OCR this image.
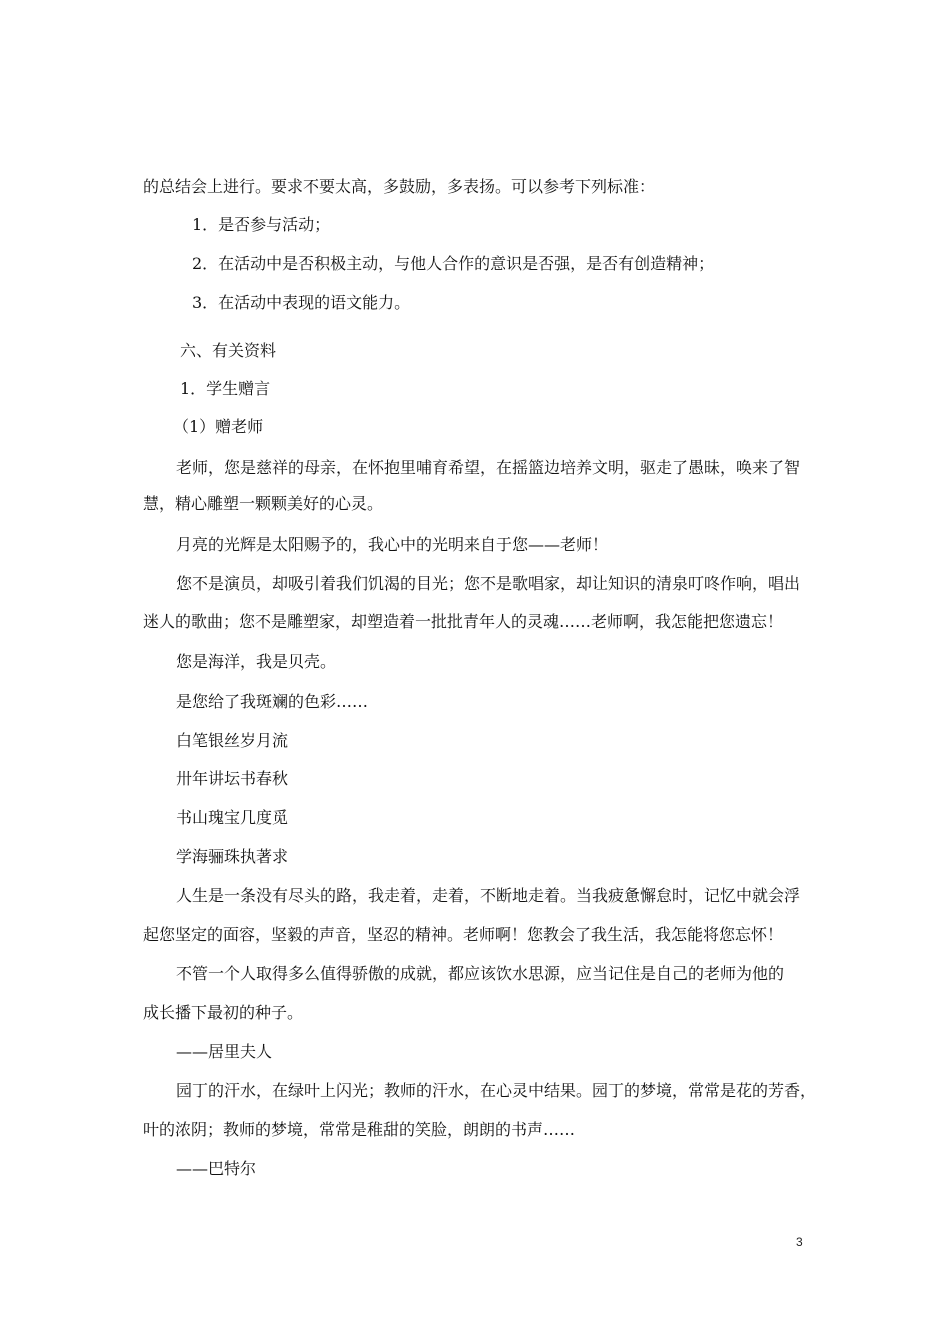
的总结会上进行。要求不要太高，多鼓励，多表扬。可以参考下列标准：
1．是否参与活动；
2．在活动中是否积极主动，与他人合作的意识是否强，是否有创造精神；
3．在活动中表现的语文能力。
六、有关资料
1．学生赠言
（1）赠老师
老师，您是慈祥的母亲，在怀抱里哺育希望，在摇篮边培养文明，驱走了愚昧，唤来了智
慧，精心雕塑一颗颗美好的心灵。
月亮的光辉是太阳赐予的，我心中的光明来自于您——老师！
您不是演员，却吸引着我们饥渴的目光；您不是歌唱家，却让知识的清泉叮咚作响，唱出
迷人的歌曲；您不是雕塑家，却塑造着一批批青年人的灵魂……老师啊，我怎能把您遗忘！
您是海洋，我是贝壳。
是您给了我斑斓的色彩……
白笔银丝岁月流
卅年讲坛书春秋
书山瑰宝几度觅
学海骊珠执著求
人生是一条没有尽头的路，我走着，走着，不断地走着。当我疲惫懈怠时，记忆中就会浮
起您坚定的面容，坚毅的声音，坚忍的精神。老师啊！您教会了我生活，我怎能将您忘怀！
不管一个人取得多么值得骄傲的成就，都应该饮水思源，应当记住是自己的老师为他的
成长播下最初的种子。
——居里夫人
园丁的汗水，在绿叶上闪光；教师的汗水，在心灵中结果。园丁的梦境，常常是花的芳香，
叶的浓阴；教师的梦境，常常是稚甜的笑脸，朗朗的书声……
——巴特尔
3
